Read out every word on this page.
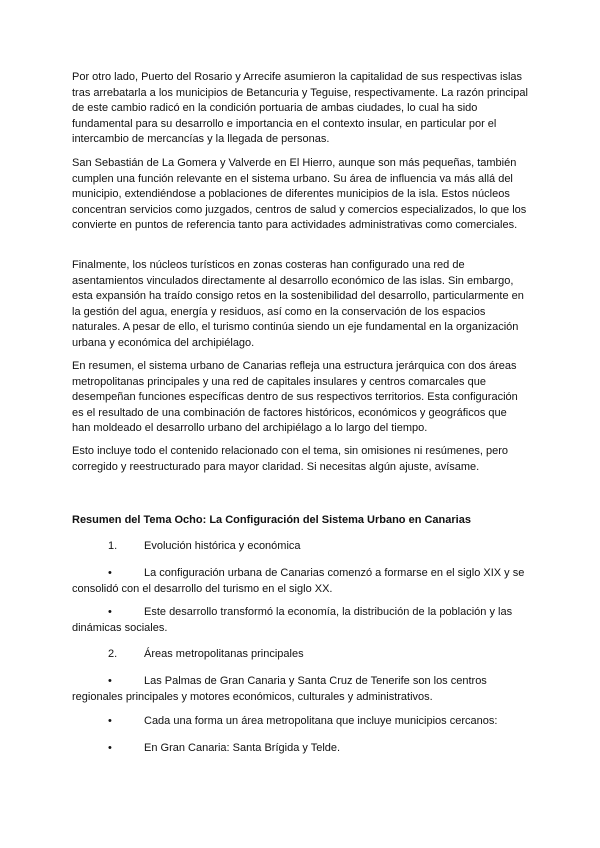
Por otro lado, Puerto del Rosario y Arrecife asumieron la capitalidad de sus respectivas islas tras arrebatarla a los municipios de Betancuria y Teguise, respectivamente. La razón principal de este cambio radicó en la condición portuaria de ambas ciudades, lo cual ha sido fundamental para su desarrollo e importancia en el contexto insular, en particular por el intercambio de mercancías y la llegada de personas.

San Sebastián de La Gomera y Valverde en El Hierro, aunque son más pequeñas, también cumplen una función relevante en el sistema urbano. Su área de influencia va más allá del municipio, extendiéndose a poblaciones de diferentes municipios de la isla. Estos núcleos concentran servicios como juzgados, centros de salud y comercios especializados, lo que los convierte en puntos de referencia tanto para actividades administrativas como comerciales.

Finalmente, los núcleos turísticos en zonas costeras han configurado una red de asentamientos vinculados directamente al desarrollo económico de las islas. Sin embargo, esta expansión ha traído consigo retos en la sostenibilidad del desarrollo, particularmente en la gestión del agua, energía y residuos, así como en la conservación de los espacios naturales. A pesar de ello, el turismo continúa siendo un eje fundamental en la organización urbana y económica del archipiélago.

En resumen, el sistema urbano de Canarias refleja una estructura jerárquica con dos áreas metropolitanas principales y una red de capitales insulares y centros comarcales que desempeñan funciones específicas dentro de sus respectivos territorios. Esta configuración es el resultado de una combinación de factores históricos, económicos y geográficos que han moldeado el desarrollo urbano del archipiélago a lo largo del tiempo.

Esto incluye todo el contenido relacionado con el tema, sin omisiones ni resúmenes, pero corregido y reestructurado para mayor claridad. Si necesitas algún ajuste, avísame.

Resumen del Tema Ocho: La Configuración del Sistema Urbano en Canarias

1. Evolución histórica y económica
•	La configuración urbana de Canarias comenzó a formarse en el siglo XIX y se consolidó con el desarrollo del turismo en el siglo XX.

•	Este desarrollo transformó la economía, la distribución de la población y las dinámicas sociales.

2. Áreas metropolitanas principales
•	Las Palmas de Gran Canaria y Santa Cruz de Tenerife son los centros regionales principales y motores económicos, culturales y administrativos.

•	Cada una forma un área metropolitana que incluye municipios cercanos:

•	En Gran Canaria: Santa Brígida y Telde.
